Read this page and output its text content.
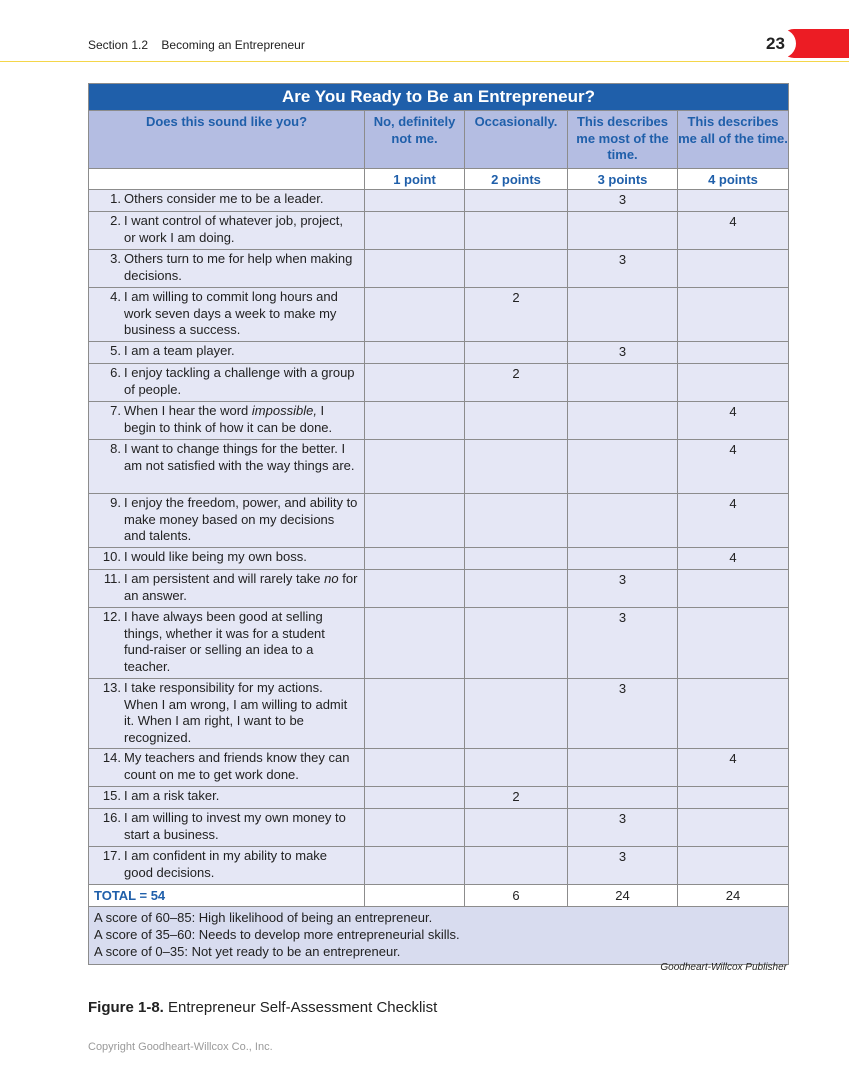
Section 1.2 Becoming an Entrepreneur	23
Are You Ready to Be an Entrepreneur?				
Does this sound like you?	No, definitely not me.	Occasionally.	This describes me most of the time.	This describes me all of the time.
	1 point	2 points	3 points	4 points
1. Others consider me to be a leader.			3	
2. I want control of whatever job, project, or work I am doing.				4
3. Others turn to me for help when making decisions.			3	
4. I am willing to commit long hours and work seven days a week to make my business a success.		2		
5. I am a team player.			3	
6. I enjoy tackling a challenge with a group of people.		2		
7. When I hear the word impossible, I begin to think of how it can be done.				4
8. I want to change things for the better. I am not satisfied with the way things are.				4
9. I enjoy the freedom, power, and ability to make money based on my decisions and talents.				4
10. I would like being my own boss.				4
11. I am persistent and will rarely take no for an answer.			3	
12. I have always been good at selling things, whether it was for a student fund-raiser or selling an idea to a teacher.			3	
13. I take responsibility for my actions. When I am wrong, I am willing to admit it. When I am right, I want to be recognized.			3	
14. My teachers and friends know they can count on me to get work done.				4
15. I am a risk taker.		2		
16. I am willing to invest my own money to start a business.			3	
17. I am confident in my ability to make good decisions.			3	
TOTAL = 54		6	24	24

A score of 60–85: High likelihood of being an entrepreneur.
A score of 35–60: Needs to develop more entrepreneurial skills.
A score of 0–35: Not yet ready to be an entrepreneur.				
Goodheart-Willcox Publisher
Figure 1-8. Entrepreneur Self-Assessment Checklist
Copyright Goodheart-Willcox Co., Inc.
